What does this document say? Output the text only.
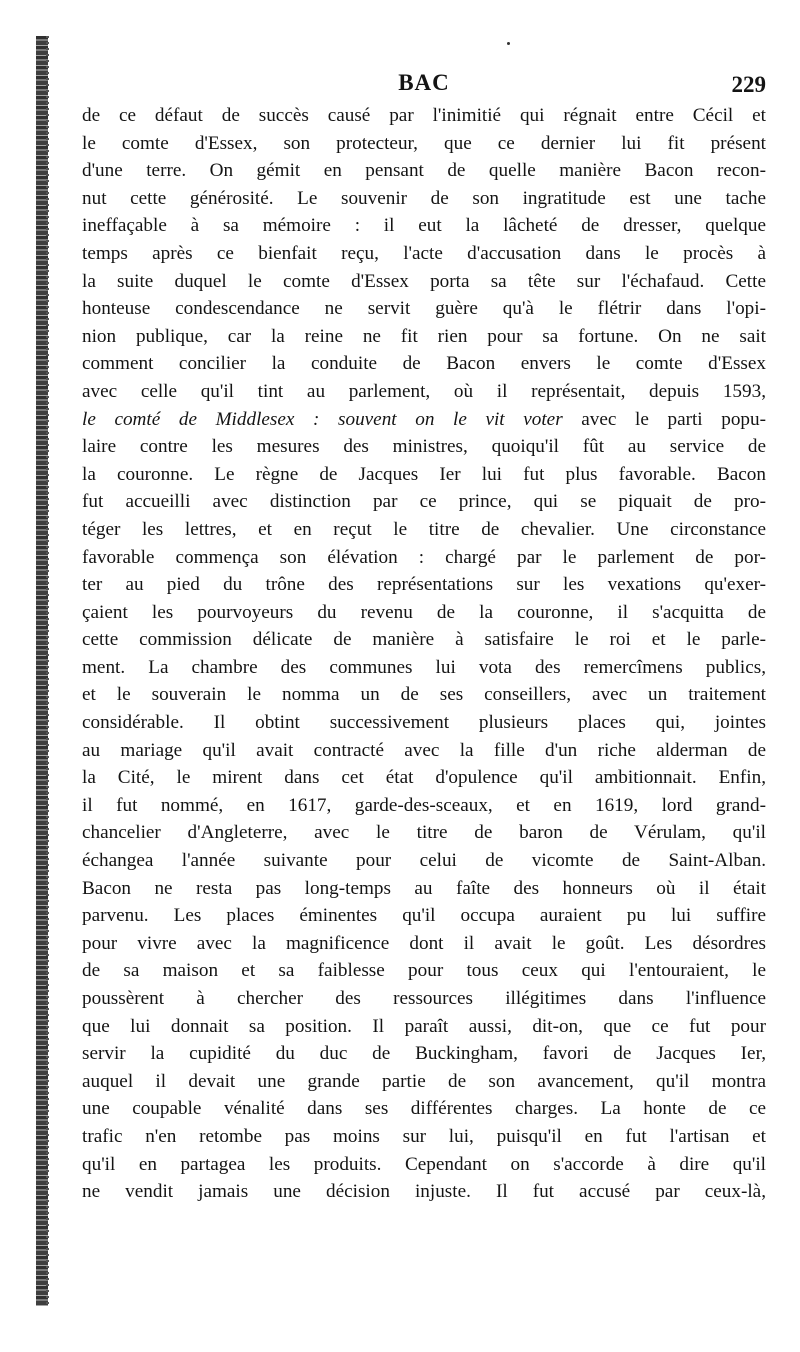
BAC	229
de ce défaut de succès causé par l'inimitié qui régnait entre Cécil et
le comte d'Essex, son protecteur, que ce dernier lui fit présent
d'une terre. On gémit en pensant de quelle manière Bacon recon-
nut cette générosité. Le souvenir de son ingratitude est une tache
ineffaçable à sa mémoire : il eut la lâcheté de dresser, quelque
temps après ce bienfait reçu, l'acte d'accusation dans le procès à
la suite duquel le comte d'Essex porta sa tête sur l'échafaud. Cette
honteuse condescendance ne servit guère qu'à le flétrir dans l'opi-
nion publique, car la reine ne fit rien pour sa fortune. On ne sait
comment concilier la conduite de Bacon envers le comte d'Essex
avec celle qu'il tint au parlement, où il représentait, depuis 1593,
le comté de Middlesex : souvent on le vit voter avec le parti popu-
laire contre les mesures des ministres, quoiqu'il fût au service de
la couronne. Le règne de Jacques Ier lui fut plus favorable. Bacon
fut accueilli avec distinction par ce prince, qui se piquait de pro-
téger les lettres, et en reçut le titre de chevalier. Une circonstance
favorable commença son élévation : chargé par le parlement de por-
ter au pied du trône des représentations sur les vexations qu'exer-
çaient les pourvoyeurs du revenu de la couronne, il s'acquitta de
cette commission délicate de manière à satisfaire le roi et le parle-
ment. La chambre des communes lui vota des remercîmens publics,
et le souverain le nomma un de ses conseillers, avec un traitement
considérable. Il obtint successivement plusieurs places qui, jointes
au mariage qu'il avait contracté avec la fille d'un riche alderman de
la Cité, le mirent dans cet état d'opulence qu'il ambitionnait. Enfin,
il fut nommé, en 1617, garde-des-sceaux, et en 1619, lord grand-
chancelier d'Angleterre, avec le titre de baron de Vérulam, qu'il
échangea l'année suivante pour celui de vicomte de Saint-Alban.
Bacon ne resta pas long-temps au faîte des honneurs où il était
parvenu. Les places éminentes qu'il occupa auraient pu lui suffire
pour vivre avec la magnificence dont il avait le goût. Les désordres
de sa maison et sa faiblesse pour tous ceux qui l'entouraient, le
poussèrent à chercher des ressources illégitimes dans l'influence
que lui donnait sa position. Il paraît aussi, dit-on, que ce fut pour
servir la cupidité du duc de Buckingham, favori de Jacques Ier,
auquel il devait une grande partie de son avancement, qu'il montra
une coupable vénalité dans ses différentes charges. La honte de ce
trafic n'en retombe pas moins sur lui, puisqu'il en fut l'artisan et
qu'il en partagea les produits. Cependant on s'accorde à dire qu'il
ne vendit jamais une décision injuste. Il fut accusé par ceux-là,
